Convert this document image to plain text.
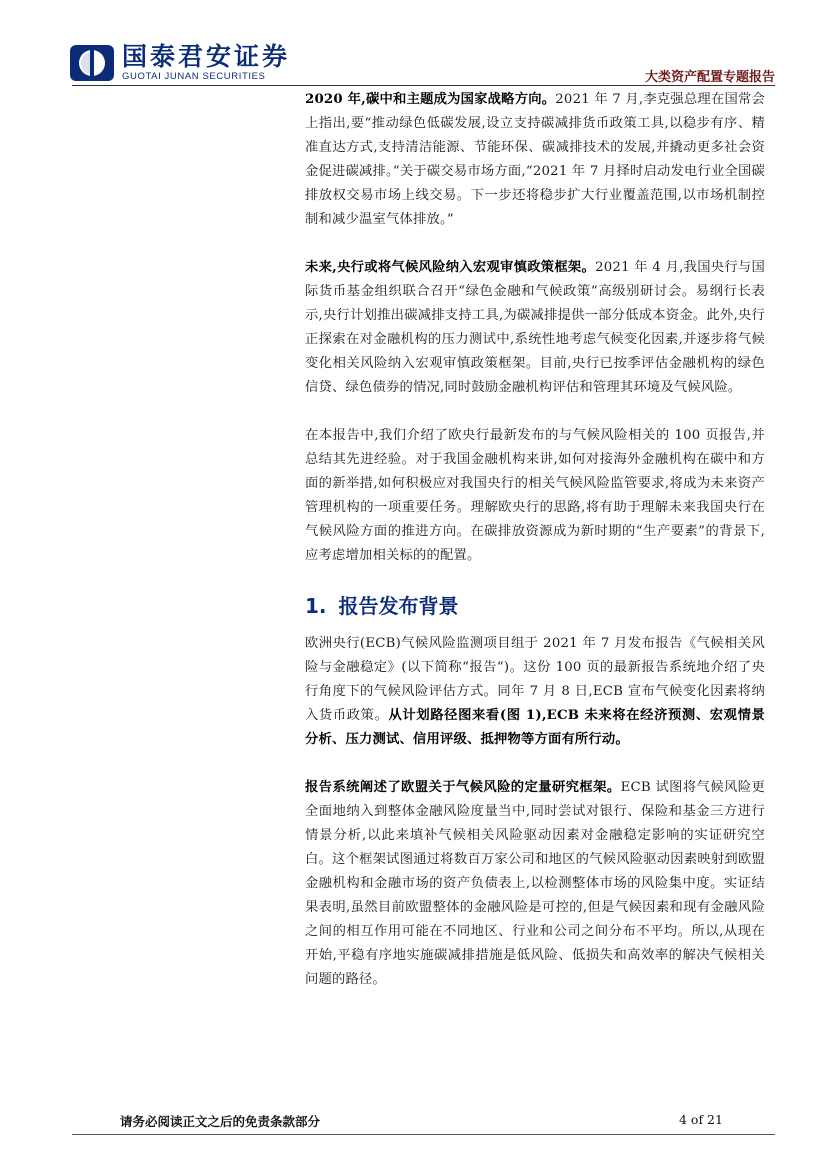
国泰君安证券
GUOTAI JUNAN SECURITIES	大类资产配置专题报告

2020 年,碳中和主题成为国家战略方向。2021 年 7 月,李克强总理在国常会上指出,要“推动绿色低碳发展,设立支持碳减排货币政策工具,以稳步有序、精准直达方式,支持清洁能源、节能环保、碳减排技术的发展,并撬动更多社会资金促进碳减排。”关于碳交易市场方面,“2021 年 7 月择时启动发电行业全国碳排放权交易市场上线交易。下一步还将稳步扩大行业覆盖范围,以市场机制控制和减少温室气体排放。”

未来,央行或将气候风险纳入宏观审慎政策框架。2021 年 4 月,我国央行与国际货币基金组织联合召开“绿色金融和气候政策”高级别研讨会。易纲行长表示,央行计划推出碳减排支持工具,为碳减排提供一部分低成本资金。此外,央行正探索在对金融机构的压力测试中,系统性地考虑气候变化因素,并逐步将气候变化相关风险纳入宏观审慎政策框架。目前,央行已按季评估金融机构的绿色信贷、绿色债券的情况,同时鼓励金融机构评估和管理其环境及气候风险。

在本报告中,我们介绍了欧央行最新发布的与气候风险相关的 100 页报告,并总结其先进经验。对于我国金融机构来讲,如何对接海外金融机构在碳中和方面的新举措,如何积极应对我国央行的相关气候风险监管要求,将成为未来资产管理机构的一项重要任务。理解欧央行的思路,将有助于理解未来我国央行在气候风险方面的推进方向。在碳排放资源成为新时期的“生产要素”的背景下,应考虑增加相关标的的配置。

1. 报告发布背景

欧洲央行(ECB)气候风险监测项目组于 2021 年 7 月发布报告《气候相关风险与金融稳定》(以下简称“报告”)。这份 100 页的最新报告系统地介绍了央行角度下的气候风险评估方式。同年 7 月 8 日,ECB 宣布气候变化因素将纳入货币政策。从计划路径图来看(图 1),ECB 未来将在经济预测、宏观情景分析、压力测试、信用评级、抵押物等方面有所行动。

报告系统阐述了欧盟关于气候风险的定量研究框架。ECB 试图将气候风险更全面地纳入到整体金融风险度量当中,同时尝试对银行、保险和基金三方进行情景分析,以此来填补气候相关风险驱动因素对金融稳定影响的实证研究空白。这个框架试图通过将数百万家公司和地区的气候风险驱动因素映射到欧盟金融机构和金融市场的资产负债表上,以检测整体市场的风险集中度。实证结果表明,虽然目前欧盟整体的金融风险是可控的,但是气候因素和现有金融风险之间的相互作用可能在不同地区、行业和公司之间分布不平均。所以,从现在开始,平稳有序地实施碳减排措施是低风险、低损失和高效率的解决气候相关问题的路径。

请务必阅读正文之后的免责条款部分	4 of 21
